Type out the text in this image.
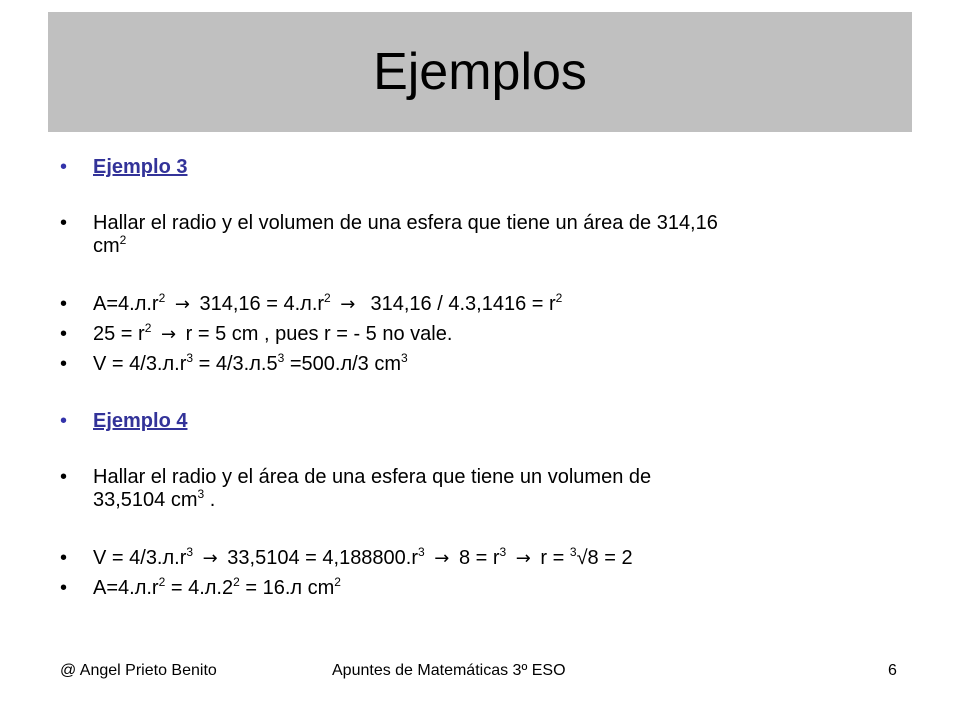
Ejemplos
•	Ejemplo 3
•	Hallar el radio y el volumen de una esfera que tiene un área de 314,16
$cm^2$
•	$A=4.л.r^2 \to 314,16 = 4.л.r^2 \to 314,16 / 4.3,1416 = r^2$
•	$25 = r^2 \to r = 5$ cm , pues r = - 5 no vale.
•	$V = 4/3.л.r^3 = 4/3.л.5^3 =500.л/3$ $cm^3$
•	Ejemplo 4
•	Hallar el radio y el área de una esfera que tiene un volumen de
33,5104 $cm^3$ .
•	$V = 4/3.л.r^3 \to 33,5104 = 4,188800.r^3 \to 8 = r^3 \to r = ^3√8 = 2$
•	$A=4.л.r^2 = 4.л.2^2 = 16.л$ $cm^2$
@ Angel Prieto Benito	Apuntes de Matemáticas 3º ESO	6
